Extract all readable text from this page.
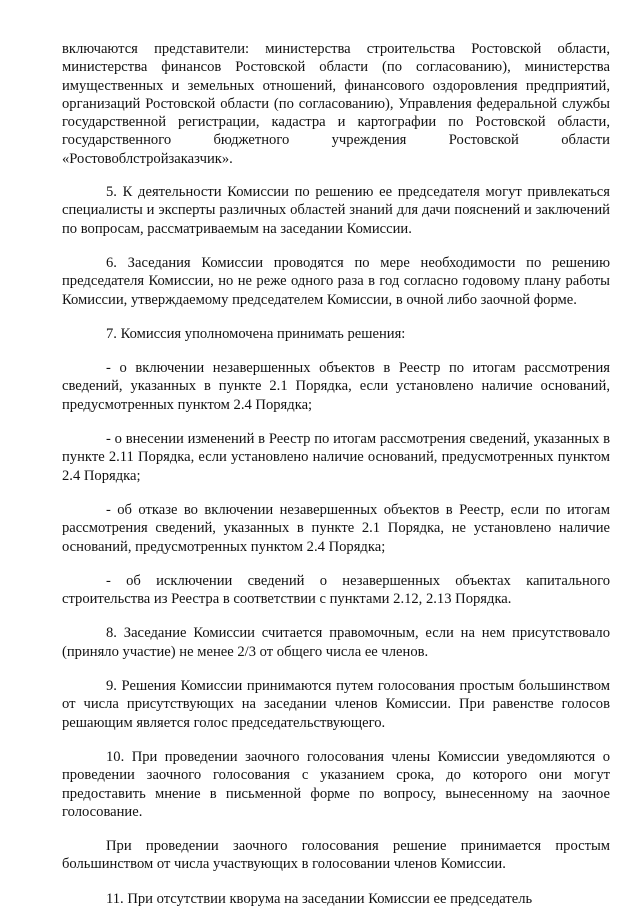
включаются представители: министерства строительства Ростовской области, министерства финансов Ростовской области (по согласованию), министерства имущественных и земельных отношений, финансового оздоровления предприятий, организаций Ростовской области (по согласованию), Управления федеральной службы государственной регистрации, кадастра и картографии по Ростовской области, государственного бюджетного учреждения Ростовской области «Ростовоблстройзаказчик».

5. К деятельности Комиссии по решению ее председателя могут привлекаться специалисты и эксперты различных областей знаний для дачи пояснений и заключений по вопросам, рассматриваемым на заседании Комиссии.

6. Заседания Комиссии проводятся по мере необходимости по решению председателя Комиссии, но не реже одного раза в год согласно годовому плану работы Комиссии, утверждаемому председателем Комиссии, в очной либо заочной форме.

7. Комиссия уполномочена принимать решения:

- о включении незавершенных объектов в Реестр по итогам рассмотрения сведений, указанных в пункте 2.1 Порядка, если установлено наличие оснований, предусмотренных пунктом 2.4 Порядка;

- о внесении изменений в Реестр по итогам рассмотрения сведений, указанных в пункте 2.11 Порядка, если установлено наличие оснований, предусмотренных пунктом 2.4 Порядка;

- об отказе во включении незавершенных объектов в Реестр, если по итогам рассмотрения сведений, указанных в пункте 2.1 Порядка, не установлено наличие оснований, предусмотренных пунктом 2.4 Порядка;

- об исключении сведений о незавершенных объектах капитального строительства из Реестра в соответствии с пунктами 2.12, 2.13 Порядка.

8. Заседание Комиссии считается правомочным, если на нем присутствовало (приняло участие) не менее 2/3 от общего числа ее членов.

9. Решения Комиссии принимаются путем голосования простым большинством от числа присутствующих на заседании членов Комиссии. При равенстве голосов решающим является голос председательствующего.

10. При проведении заочного голосования члены Комиссии уведомляются о проведении заочного голосования с указанием срока, до которого они могут предоставить мнение в письменной форме по вопросу, вынесенному на заочное голосование.

При проведении заочного голосования решение принимается простым большинством от числа участвующих в голосовании членов Комиссии.

11. При отсутствии кворума на заседании Комиссии ее председатель
